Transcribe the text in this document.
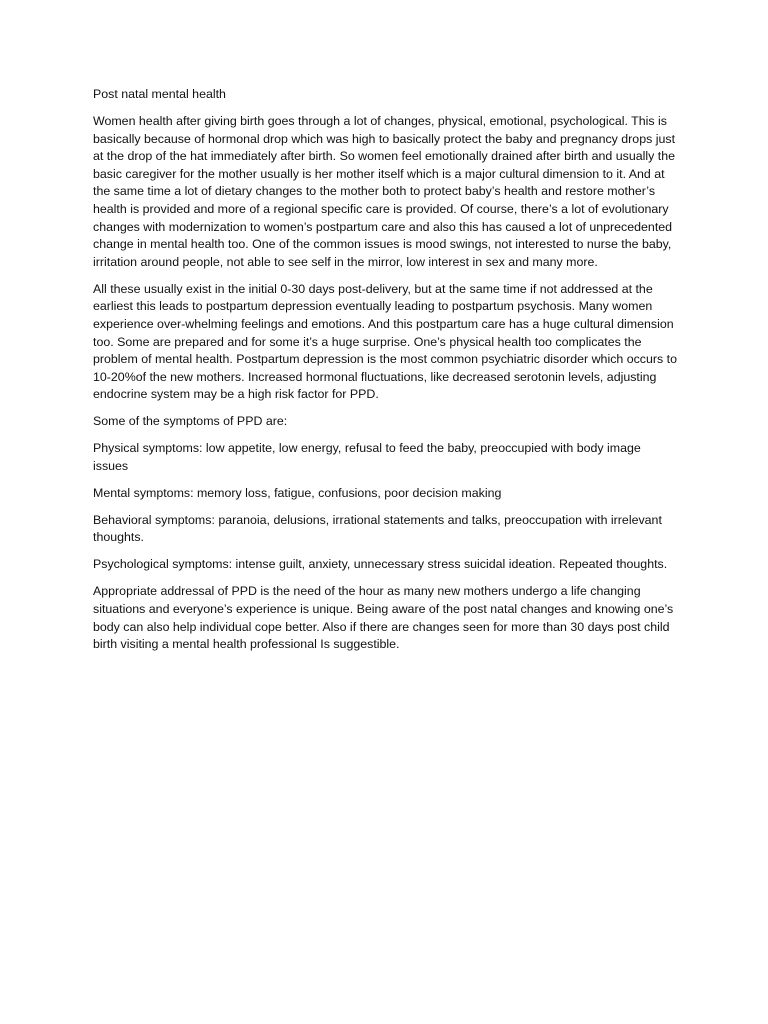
Post natal mental health

Women health after giving birth goes through a lot of changes, physical, emotional, psychological. This is basically because of hormonal drop which was high to basically protect the baby and pregnancy drops just at the drop of the hat immediately after birth. So women feel emotionally drained after birth and usually the basic caregiver for the mother usually is her mother itself which is a major cultural dimension to it. And at the same time a lot of dietary changes to the mother both to protect baby’s health and restore mother’s health is provided and more of a regional specific care is provided. Of course, there’s a lot of evolutionary changes with modernization to women’s postpartum care and also this has caused a lot of unprecedented change in mental health too. One of the common issues is mood swings, not interested to nurse the baby, irritation around people, not able to see self in the mirror, low interest in sex and many more.

All these usually exist in the initial 0-30 days post-delivery, but at the same time if not addressed at the earliest this leads to postpartum depression eventually leading to postpartum psychosis. Many women experience over-whelming feelings and emotions. And this postpartum care has a huge cultural dimension too. Some are prepared and for some it’s a huge surprise. One’s physical health too complicates the problem of mental health. Postpartum depression is the most common psychiatric disorder which occurs to 10-20%of the new mothers. Increased hormonal fluctuations, like decreased serotonin levels, adjusting endocrine system may be a high risk factor for PPD.

Some of the symptoms of PPD are:

Physical symptoms: low appetite, low energy, refusal to feed the baby, preoccupied with body image issues

Mental symptoms: memory loss, fatigue, confusions, poor decision making

Behavioral symptoms: paranoia, delusions, irrational statements and talks, preoccupation with irrelevant thoughts.

Psychological symptoms: intense guilt, anxiety, unnecessary stress suicidal ideation. Repeated thoughts.

Appropriate addressal of PPD is the need of the hour as many new mothers undergo a life changing situations and everyone’s experience is unique. Being aware of the post natal changes and knowing one’s body can also help individual cope better. Also if there are changes seen for more than 30 days post child birth visiting a mental health professional Is suggestible.
